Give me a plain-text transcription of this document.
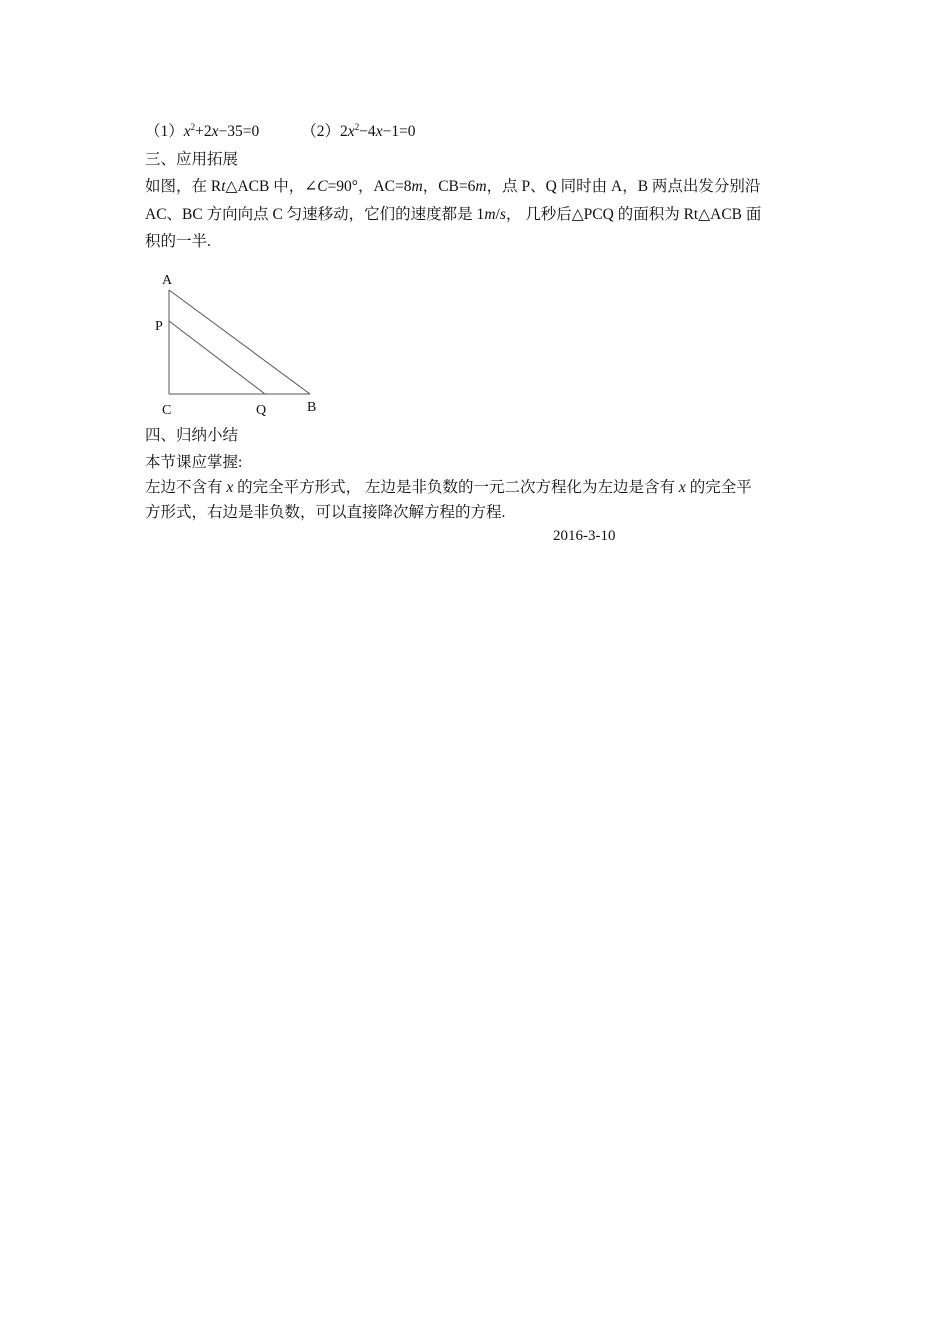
$(1)x^2+2x-35=0$	$(2)2x^2-4x-1=0$
三、应用拓展
如图，在 Rt△ACB 中，∠C=90°，AC=8m，CB=6m，点 P、Q 同时由 A，B 两点出发分别沿
AC、BC 方向向点 C 匀速移动，它们的速度都是 1m/s， 几秒后△PCQ 的面积为 Rt△ACB 面
积的一半.
A
P
C	Q	B
四、归纳小结
本节课应掌握:
左边不含有 x 的完全平方形式， 左边是非负数的一元二次方程化为左边是含有 x 的完全平
方形式，右边是非负数，可以直接降次解方程的方程.
2016-3-10
